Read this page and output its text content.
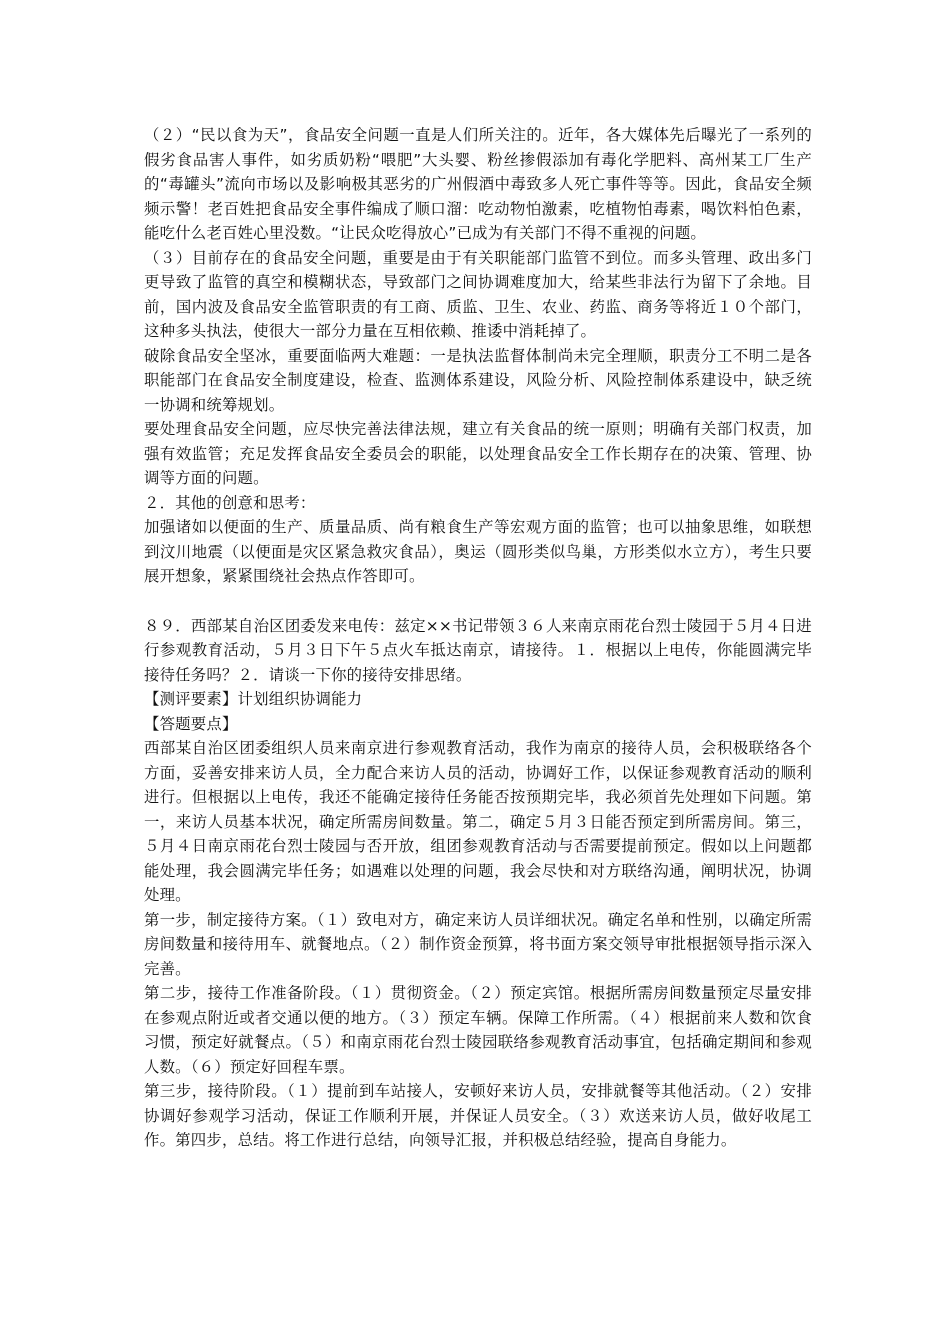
（２）“民以食为天”，食品安全问题一直是人们所关注的。近年，各大媒体先后曝光了一系列的假劣食品害人事件，如劣质奶粉“喂肥”大头婴、粉丝掺假添加有毒化学肥料、高州某工厂生产的“毒罐头”流向市场以及影响极其恶劣的广州假酒中毒致多人死亡事件等等。因此，食品安全频频示警！老百姓把食品安全事件编成了顺口溜：吃动物怕激素，吃植物怕毒素，喝饮料怕色素，能吃什么老百姓心里没数。“让民众吃得放心”已成为有关部门不得不重视的问题。

（３）目前存在的食品安全问题，重要是由于有关职能部门监管不到位。而多头管理、政出多门更导致了监管的真空和模糊状态，导致部门之间协调难度加大，给某些非法行为留下了余地。目前，国内波及食品安全监管职责的有工商、质监、卫生、农业、药监、商务等将近１０个部门，这种多头执法，使很大一部分力量在互相依赖、推诿中消耗掉了。

破除食品安全坚冰，重要面临两大难题：一是执法监督体制尚未完全理顺，职责分工不明二是各职能部门在食品安全制度建设，检查、监测体系建设，风险分析、风险控制体系建设中，缺乏统一协调和统筹规划。

要处理食品安全问题，应尽快完善法律法规，建立有关食品的统一原则；明确有关部门权责，加强有效监管；充足发挥食品安全委员会的职能，以处理食品安全工作长期存在的决策、管理、协调等方面的问题。

２．其他的创意和思考：

加强诸如以便面的生产、质量品质、尚有粮食生产等宏观方面的监管；也可以抽象思维，如联想到汶川地震（以便面是灾区紧急救灾食品），奥运（圆形类似鸟巢，方形类似水立方），考生只要展开想象，紧紧围绕社会热点作答即可。

８９．西部某自治区团委发来电传：兹定××书记带领３６人来南京雨花台烈士陵园于５月４日进行参观教育活动，５月３日下午５点火车抵达南京，请接待。１．根据以上电传，你能圆满完毕接待任务吗？２．请谈一下你的接待安排思绪。

【测评要素】计划组织协调能力

【答题要点】

西部某自治区团委组织人员来南京进行参观教育活动，我作为南京的接待人员，会积极联络各个方面，妥善安排来访人员，全力配合来访人员的活动，协调好工作，以保证参观教育活动的顺利进行。但根据以上电传，我还不能确定接待任务能否按预期完毕，我必须首先处理如下问题。第一，来访人员基本状况，确定所需房间数量。第二，确定５月３日能否预定到所需房间。第三，５月４日南京雨花台烈士陵园与否开放，组团参观教育活动与否需要提前预定。假如以上问题都能处理，我会圆满完毕任务；如遇难以处理的问题，我会尽快和对方联络沟通，阐明状况，协调处理。

第一步，制定接待方案。（１）致电对方，确定来访人员详细状况。确定名单和性别，以确定所需房间数量和接待用车、就餐地点。（２）制作资金预算，将书面方案交领导审批根据领导指示深入完善。

第二步，接待工作准备阶段。（１）贯彻资金。（２）预定宾馆。根据所需房间数量预定尽量安排在参观点附近或者交通以便的地方。（３）预定车辆。保障工作所需。（４）根据前来人数和饮食习惯，预定好就餐点。（５）和南京雨花台烈士陵园联络参观教育活动事宜，包括确定期间和参观人数。（６）预定好回程车票。

第三步，接待阶段。（１）提前到车站接人，安顿好来访人员，安排就餐等其他活动。（２）安排协调好参观学习活动，保证工作顺利开展，并保证人员安全。（３）欢送来访人员，做好收尾工作。第四步，总结。将工作进行总结，向领导汇报，并积极总结经验，提高自身能力。
